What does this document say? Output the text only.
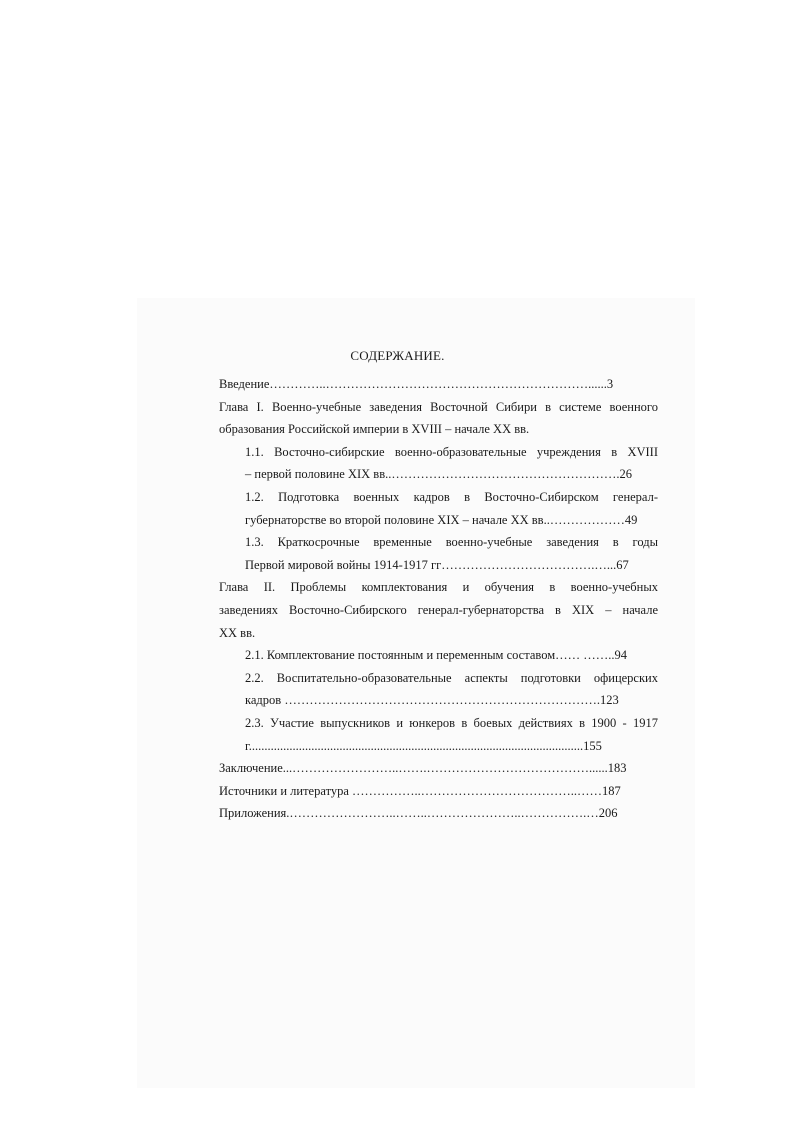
СОДЕРЖАНИЕ.
Введение…………..………………………………………………………......3
Глава I. Военно-учебные заведения Восточной Сибири в системе военного
образования Российской империи в XVIII – начале XX вв.
1.1. Восточно-сибирские военно-образовательные учреждения в XVIII
– первой половине XIX вв..……………………………………………….26
1.2. Подготовка военных кадров в Восточно-Сибирском генерал-
губернаторстве во второй половине XIX – начале XX вв..………………49
1.3. Краткосрочные временные военно-учебные заведения в годы
Первой мировой войны 1914-1917 гг……………………………….…...67
Глава II. Проблемы комплектования и обучения в военно-учебных
заведениях Восточно-Сибирского генерал-губернаторства в XIX – начале
XX вв.
2.1. Комплектование постоянным и переменным составом…… ……..94
2.2. Воспитательно-образовательные аспекты подготовки офицерских
кадров ………………………………………………………………….123
2.3. Участие выпускников и юнкеров в боевых действиях в 1900 - 1917
г...........................................................................................................155
Заключение...……………………..…….…………………………………......183
Источники и литература ……………..………………………………..……187
Приложения.……………………..……..…………………..…………….…206
